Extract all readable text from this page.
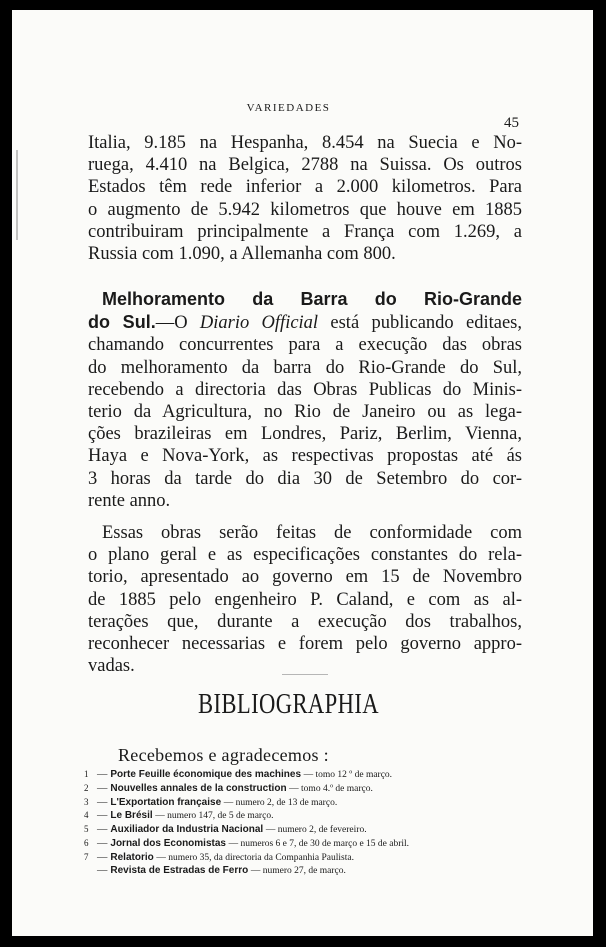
VARIEDADES
45
Italia, 9.185 na Hespanha, 8.454 na Suecia e No-
ruega, 4.410 na Belgica, 2788 na Suissa. Os outros
Estados têm rede inferior a 2.000 kilometros. Para
o augmento de 5.942 kilometros que houve em 1885
contribuiram principalmente a França com 1.269, a
Russia com 1.090, a Allemanha com 800.
Melhoramento da Barra do Rio-Grande
do Sul.—O Diario Official está publicando editaes,
chamando concurrentes para a execução das obras
do melhoramento da barra do Rio-Grande do Sul,
recebendo a directoria das Obras Publicas do Minis-
terio da Agricultura, no Rio de Janeiro ou as lega-
ções brazileiras em Londres, Pariz, Berlim, Vienna,
Haya e Nova-York, as respectivas propostas até ás
3 horas da tarde do dia 30 de Setembro do cor-
rente anno.
Essas obras serão feitas de conformidade com
o plano geral e as especificações constantes do rela-
torio, apresentado ao governo em 15 de Novembro
de 1885 pelo engenheiro P. Caland, e com as al-
terações que, durante a execução dos trabalhos,
reconhecer necessarias e forem pelo governo appro-
vadas.
BIBLIOGRAPHIA
Recebemos e agradecemos :
1 — Porte Feuille économique des machines — tomo 12 º de março.
2 — Nouvelles annales de la construction — tomo 4.º de março.
3 — L'Exportation française — numero 2, de 13 de março.
4 — Le Brésil — numero 147, de 5 de março.
5 — Auxiliador da Industria Nacional — numero 2, de fevereiro.
6 — Jornal dos Economistas — numeros 6 e 7, de 30 de março e 15 de abril.
7 — Relatorio — numero 35, da directoria da Companhia Paulista.
— Revista de Estradas de Ferro — numero 27, de março.
